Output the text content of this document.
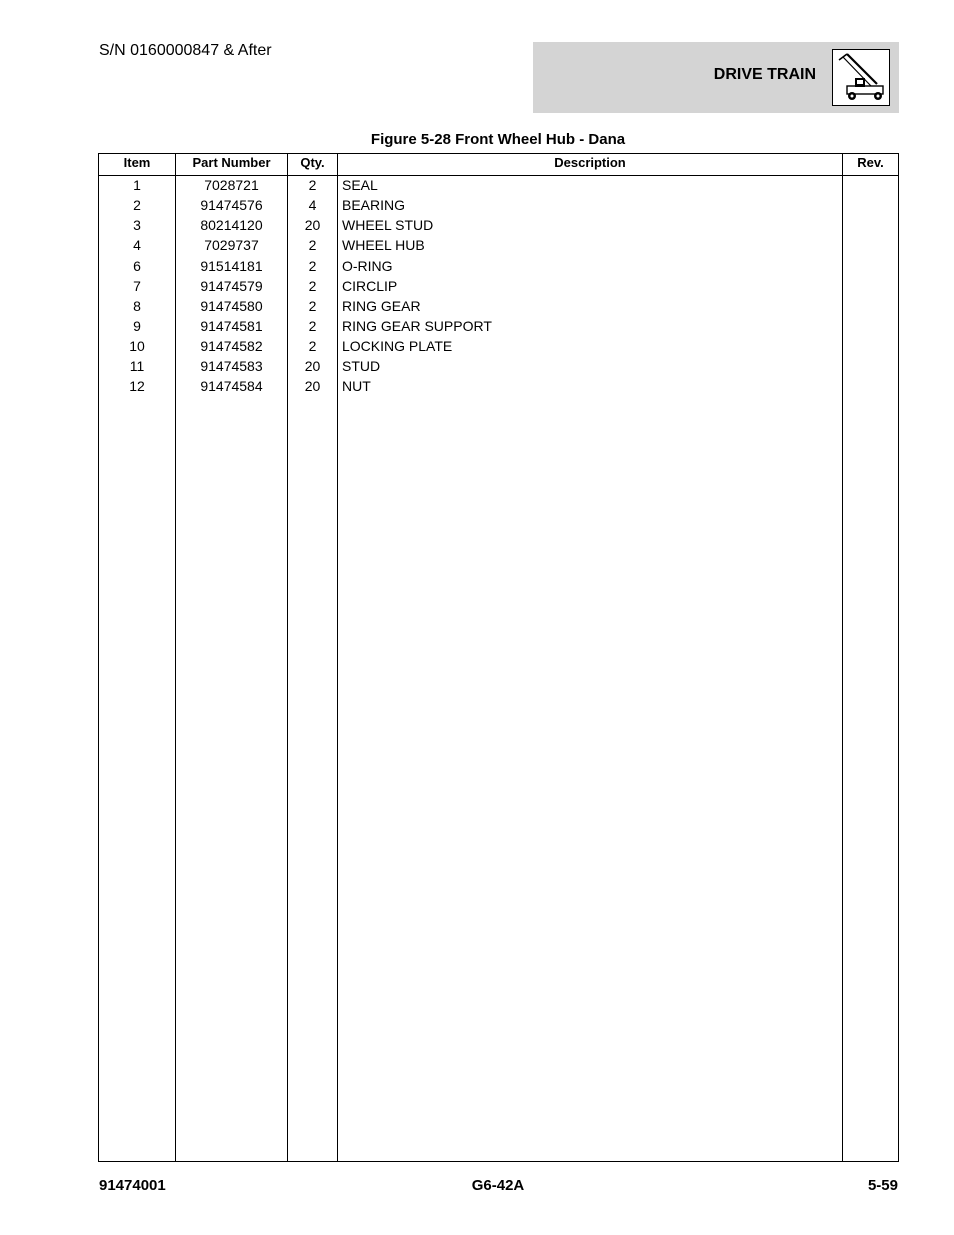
S/N 0160000847 & After
DRIVE TRAIN
Figure 5-28 Front Wheel Hub - Dana
Item	Part Number	Qty.	Description	Rev.
1	7028721	2	SEAL
2	91474576	4	BEARING
3	80214120	20	WHEEL STUD
4	7029737	2	WHEEL HUB
6	91514181	2	O-RING
7	91474579	2	CIRCLIP
8	91474580	2	RING GEAR
9	91474581	2	RING GEAR SUPPORT
10	91474582	2	LOCKING PLATE
11	91474583	20	STUD
12	91474584	20	NUT
91474001	G6-42A	5-59
